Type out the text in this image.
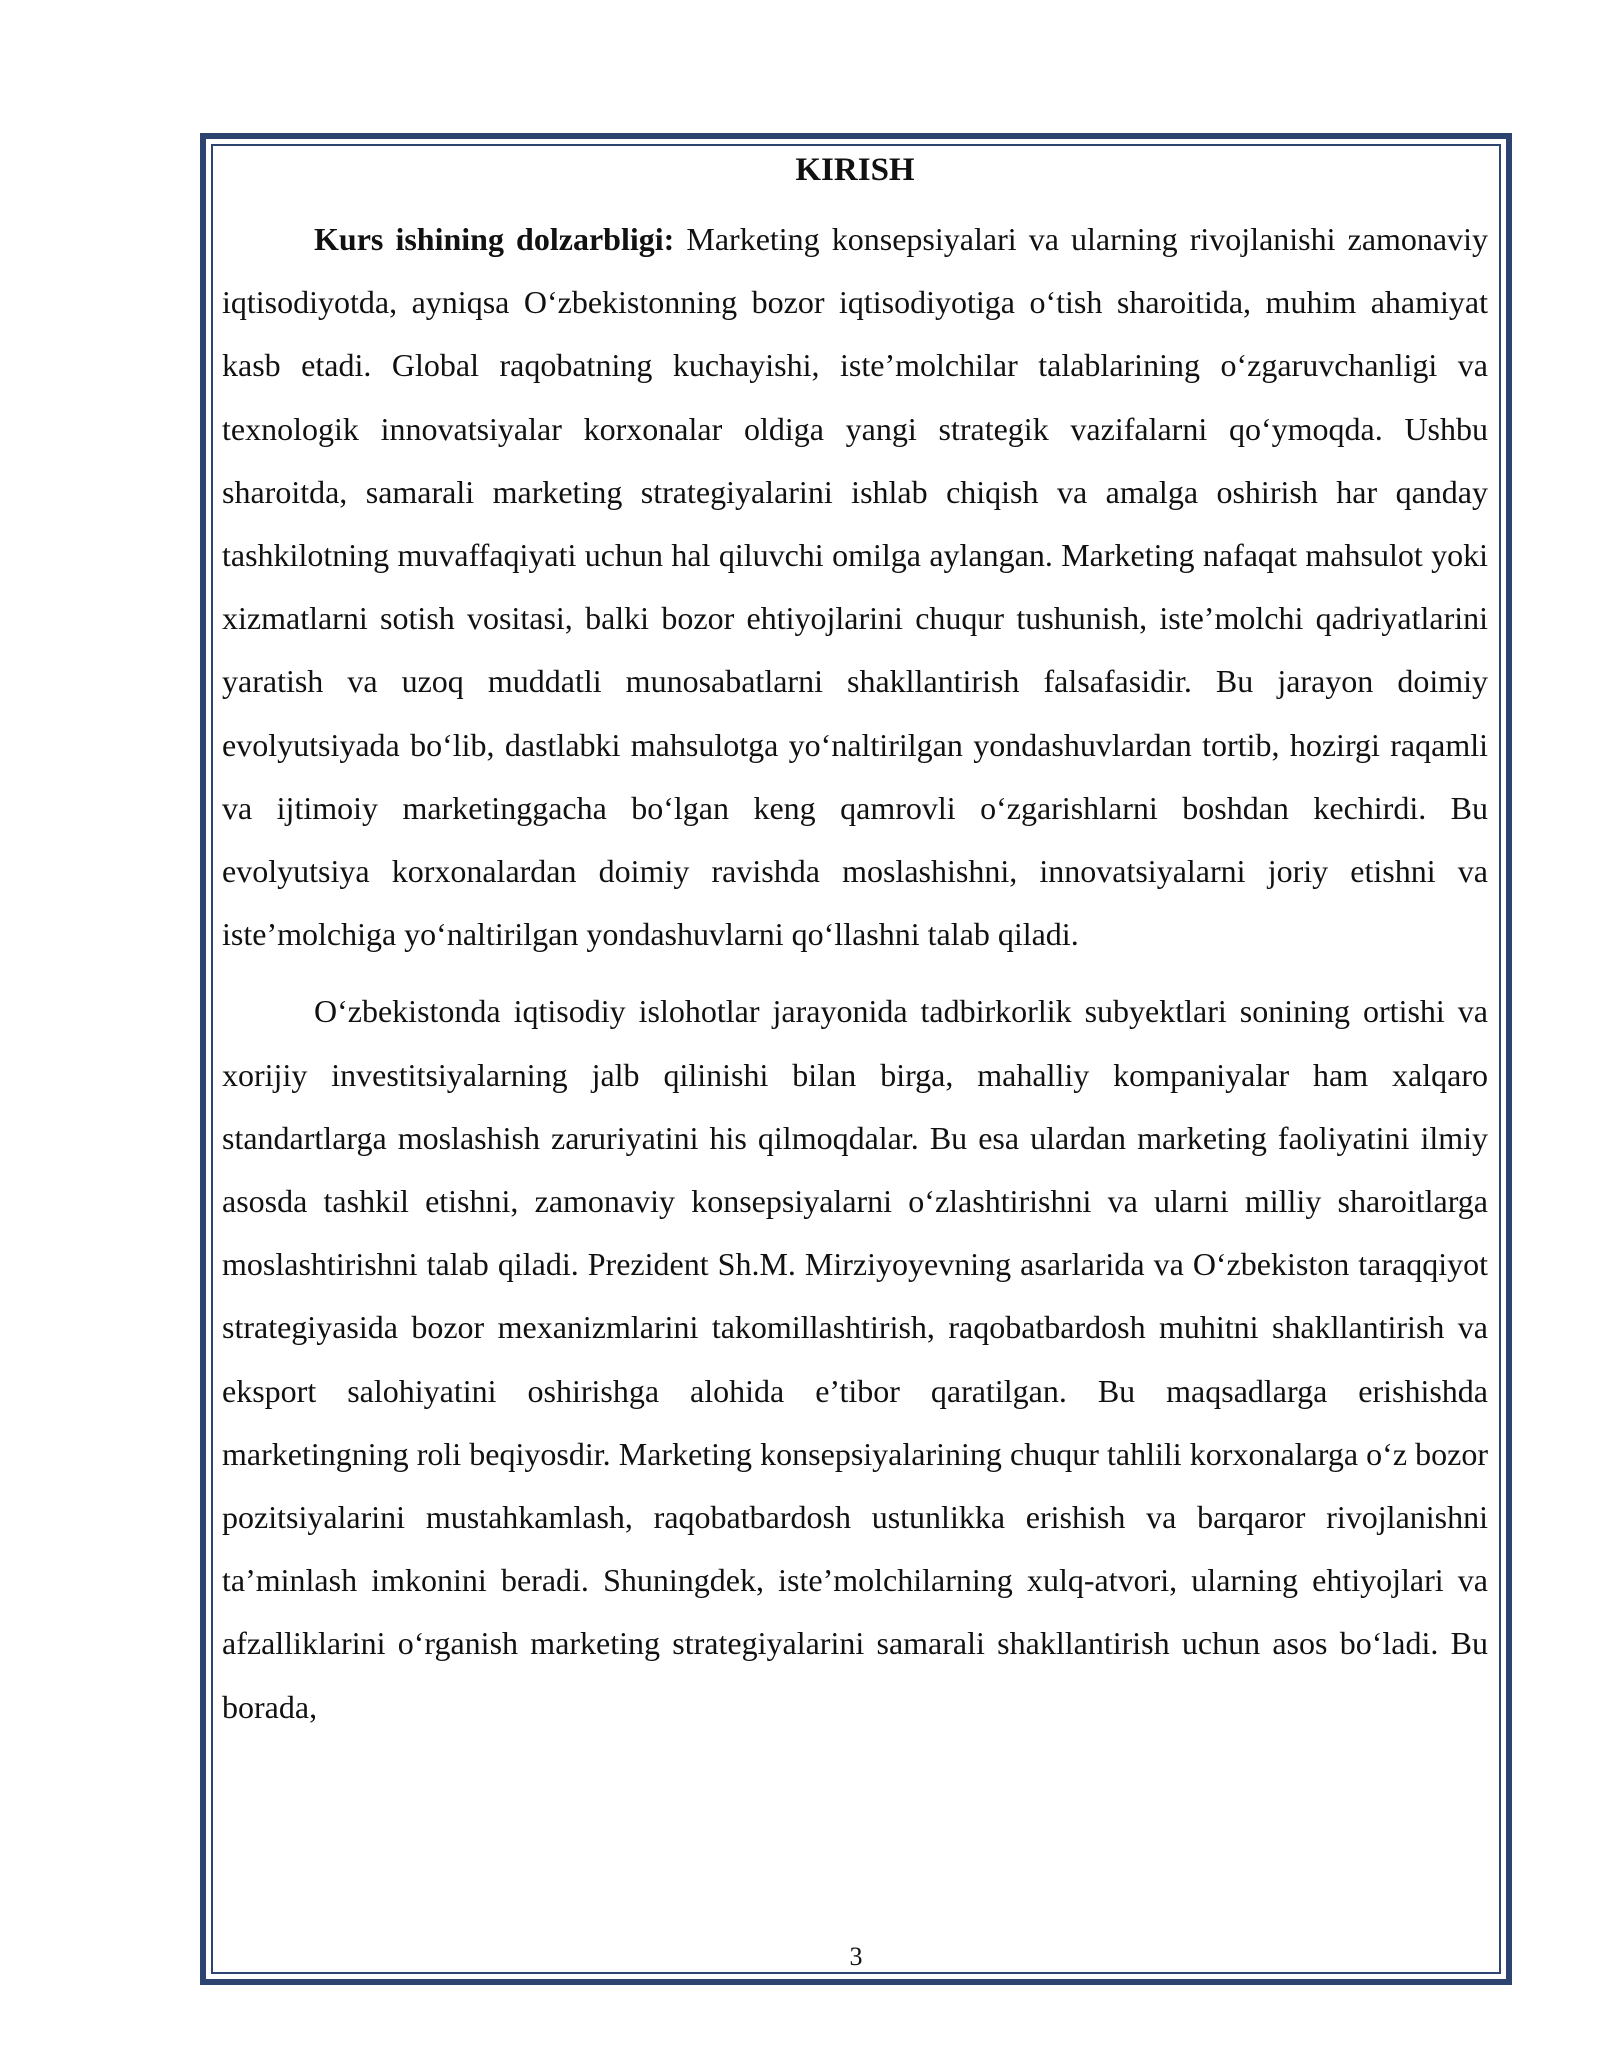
KIRISH

Kurs ishining dolzarbligi: Marketing konsepsiyalari va ularning rivojlanishi zamonaviy iqtisodiyotda, ayniqsa O‘zbekistonning bozor iqtisodiyotiga o‘tish sharoitida, muhim ahamiyat kasb etadi. Global raqobatning kuchayishi, iste’molchilar talablarining o‘zgaruvchanligi va texnologik innovatsiyalar korxonalar oldiga yangi strategik vazifalarni qo‘ymoqda. Ushbu sharoitda, samarali marketing strategiyalarini ishlab chiqish va amalga oshirish har qanday tashkilotning muvaffaqiyati uchun hal qiluvchi omilga aylangan. Marketing nafaqat mahsulot yoki xizmatlarni sotish vositasi, balki bozor ehtiyojlarini chuqur tushunish, iste’molchi qadriyatlarini yaratish va uzoq muddatli munosabatlarni shakllantirish falsafasidir. Bu jarayon doimiy evolyutsiyada bo‘lib, dastlabki mahsulotga yo‘naltirilgan yondashuvlardan tortib, hozirgi raqamli va ijtimoiy marketinggacha bo‘lgan keng qamrovli o‘zgarishlarni boshdan kechirdi. Bu evolyutsiya korxonalardan doimiy ravishda moslashishni, innovatsiyalarni joriy etishni va iste’molchiga yo‘naltirilgan yondashuvlarni qo‘llashni talab qiladi.

O‘zbekistonda iqtisodiy islohotlar jarayonida tadbirkorlik subyektlari sonining ortishi va xorijiy investitsiyalarning jalb qilinishi bilan birga, mahalliy kompaniyalar ham xalqaro standartlarga moslashish zaruriyatini his qilmoqdalar. Bu esa ulardan marketing faoliyatini ilmiy asosda tashkil etishni, zamonaviy konsepsiyalarni o‘zlashtirishni va ularni milliy sharoitlarga moslashtirishni talab qiladi. Prezident Sh.M. Mirziyoyevning asarlarida va O‘zbekiston taraqqiyot strategiyasida bozor mexanizmlarini takomillashtirish, raqobatbardosh muhitni shakllantirish va eksport salohiyatini oshirishga alohida e’tibor qaratilgan. Bu maqsadlarga erishishda marketingning roli beqiyosdir. Marketing konsepsiyalarining chuqur tahlili korxonalarga o‘z bozor pozitsiyalarini mustahkamlash, raqobatbardosh ustunlikka erishish va barqaror rivojlanishni ta’minlash imkonini beradi. Shuningdek, iste’molchilarning xulq-atvori, ularning ehtiyojlari va afzalliklarini o‘rganish marketing strategiyalarini samarali shakllantirish uchun asos bo‘ladi. Bu borada,

3
